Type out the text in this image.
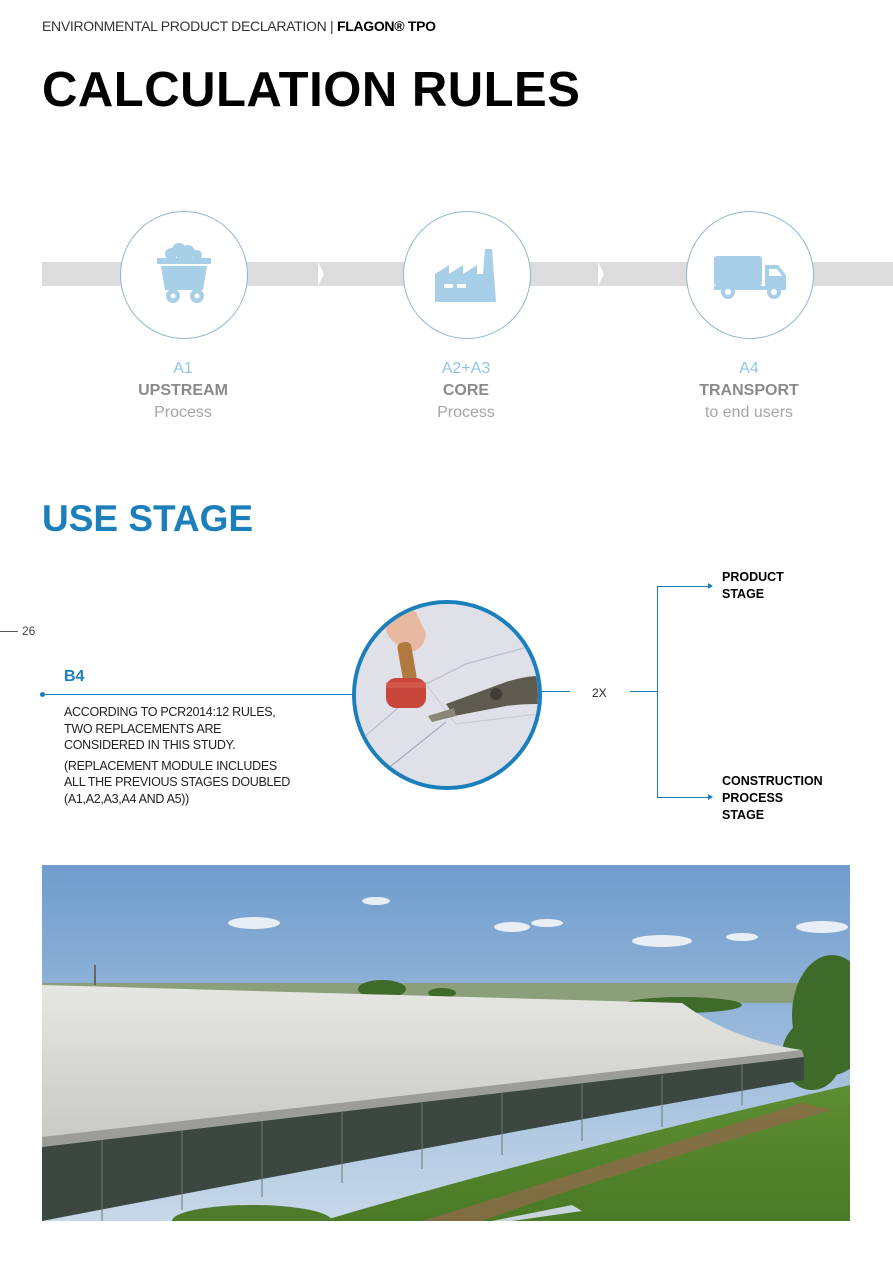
ENVIRONMENTAL PRODUCT DECLARATION | FLAGON® TPO
CALCULATION RULES
A1
UPSTREAM
Process
A2+A3
CORE
Process
A4
TRANSPORT
to end users
USE STAGE
26
B4

ACCORDING TO PCR2014:12 RULES, TWO REPLACEMENTS ARE CONSIDERED IN THIS STUDY.

(REPLACEMENT MODULE INCLUDES ALL THE PREVIOUS STAGES DOUBLED (A1,A2,A3,A4 AND A5))

2X
PRODUCT
STAGE
CONSTRUCTION
PROCESS
STAGE
